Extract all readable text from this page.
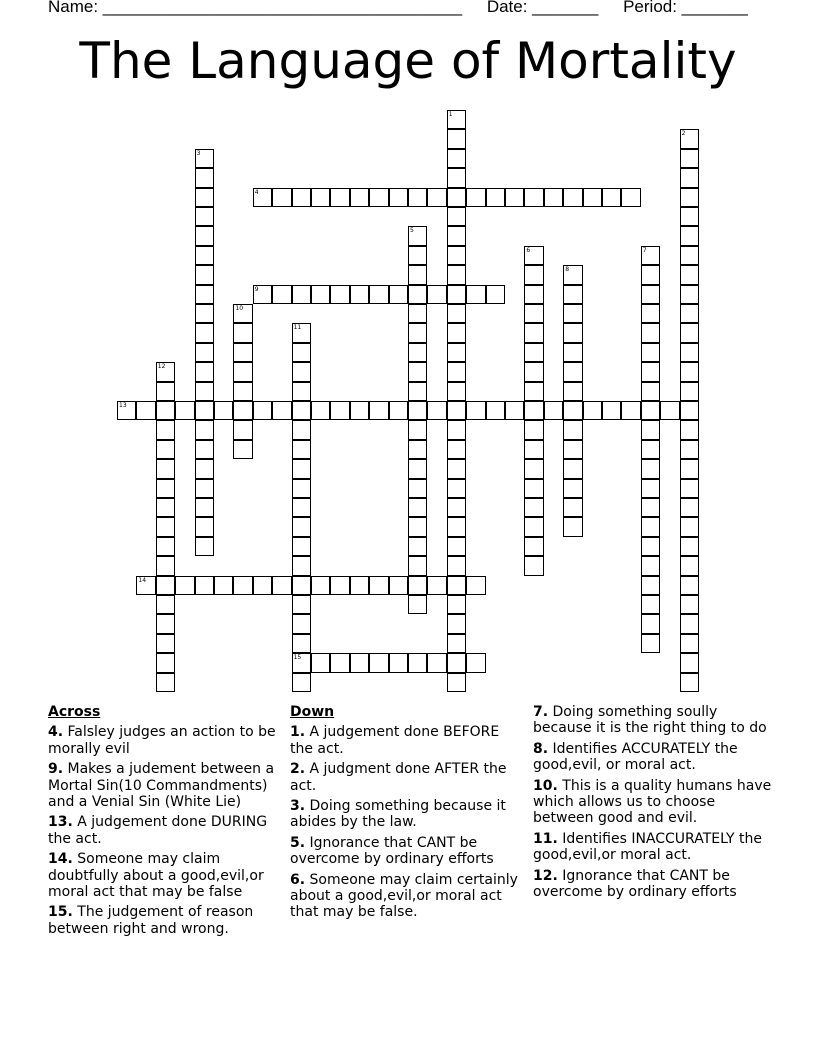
Name: ______________________________________ Date: _______ Period: _______
The Language of Mortality
1
2
3
4
5
6	7
8
9
10
11
12
13
14
15
Across
4. Falsley judges an action to be morally evil
9. Makes a judement between a Mortal Sin(10 Commandments) and a Venial Sin (White Lie)
13. A judgement done DURING the act.
14. Someone may claim doubtfully about a good,evil,or moral act that may be false
15. The judgement of reason between right and wrong.
Down
1. A judgement done BEFORE the act.
2. A judgment done AFTER the act.
3. Doing something because it abides by the law.
5. Ignorance that CANT be overcome by ordinary efforts
6. Someone may claim certainly about a good,evil,or moral act that may be false.
7. Doing something soully because it is the right thing to do
8. Identifies ACCURATELY the good,evil, or moral act.
10. This is a quality humans have which allows us to choose between good and evil.
11. Identifies INACCURATELY the good,evil,or moral act.
12. Ignorance that CANT be overcome by ordinary efforts
